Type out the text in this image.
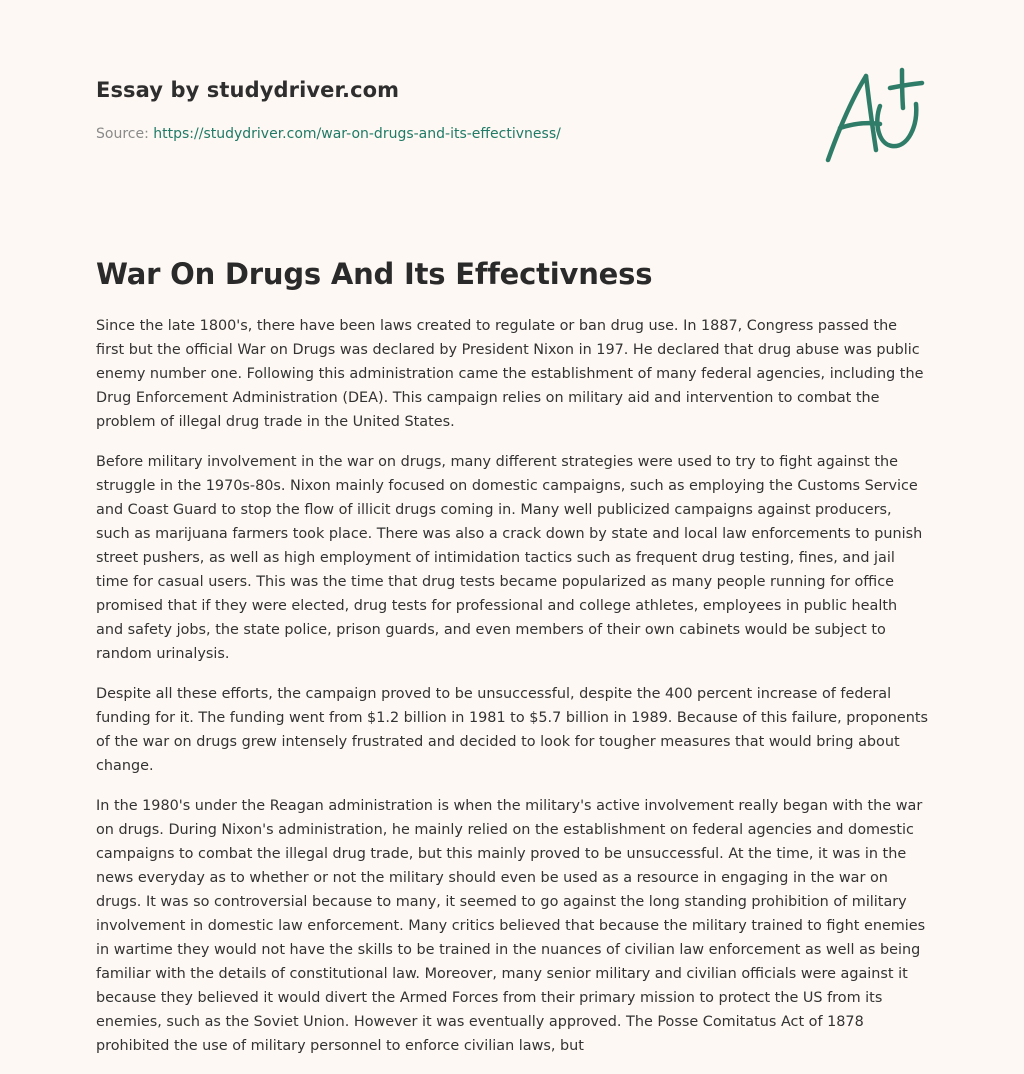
Essay by studydriver.com
Source: https://studydriver.com/war-on-drugs-and-its-effectivness/
War On Drugs And Its Effectivness

Since the late 1800's, there have been laws created to regulate or ban drug use. In 1887, Congress passed the first but the official War on Drugs was declared by President Nixon in 197. He declared that drug abuse was public enemy number one. Following this administration came the establishment of many federal agencies, including the Drug Enforcement Administration (DEA). This campaign relies on military aid and intervention to combat the problem of illegal drug trade in the United States.

Before military involvement in the war on drugs, many different strategies were used to try to fight against the struggle in the 1970s-80s. Nixon mainly focused on domestic campaigns, such as employing the Customs Service and Coast Guard to stop the flow of illicit drugs coming in. Many well publicized campaigns against producers, such as marijuana farmers took place. There was also a crack down by state and local law enforcements to punish street pushers, as well as high employment of intimidation tactics such as frequent drug testing, fines, and jail time for casual users. This was the time that drug tests became popularized as many people running for office promised that if they were elected, drug tests for professional and college athletes, employees in public health and safety jobs, the state police, prison guards, and even members of their own cabinets would be subject to random urinalysis.

Despite all these efforts, the campaign proved to be unsuccessful, despite the 400 percent increase of federal funding for it. The funding went from $1.2 billion in 1981 to $5.7 billion in 1989. Because of this failure, proponents of the war on drugs grew intensely frustrated and decided to look for tougher measures that would bring about change.

In the 1980's under the Reagan administration is when the military's active involvement really began with the war on drugs. During Nixon's administration, he mainly relied on the establishment on federal agencies and domestic campaigns to combat the illegal drug trade, but this mainly proved to be unsuccessful. At the time, it was in the news everyday as to whether or not the military should even be used as a resource in engaging in the war on drugs. It was so controversial because to many, it seemed to go against the long standing prohibition of military involvement in domestic law enforcement. Many critics believed that because the military trained to fight enemies in wartime they would not have the skills to be trained in the nuances of civilian law enforcement as well as being familiar with the details of constitutional law. Moreover, many senior military and civilian officials were against it because they believed it would divert the Armed Forces from their primary mission to protect the US from its enemies, such as the Soviet Union. However it was eventually approved. The Posse Comitatus Act of 1878 prohibited the use of military personnel to enforce civilian laws, but
